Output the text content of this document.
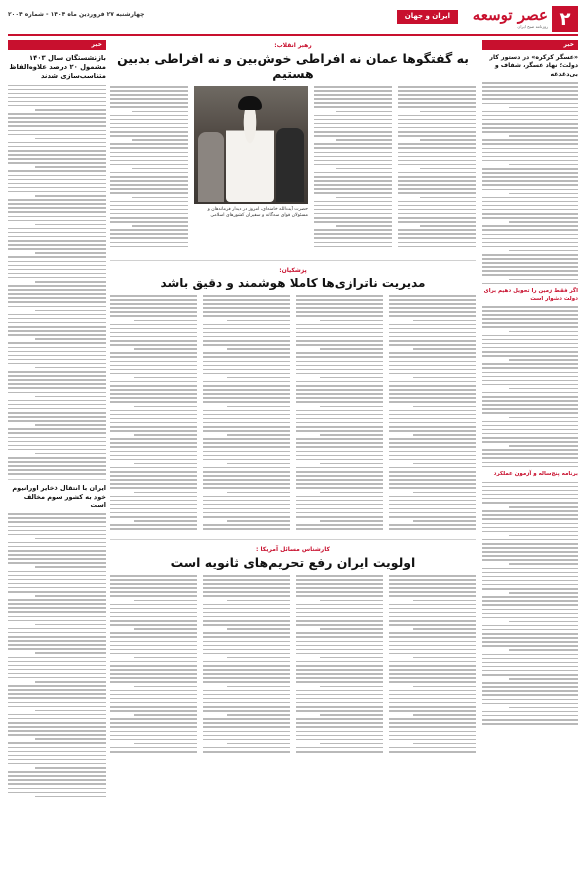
۲
عصر توسعه
روزنامه صبح ایران
ایران و جهان
چهارشنبه ۲۷ فروردین ماه ۱۴۰۴ - شماره ۲۰۰۴
خبر
«عسگر کرکره» در دستور کار دولت؛ نهاد عسگر، شفاف و بی‌دغدغه
اگر فقط زمین را تحویل دهیم برای دولت دشوار است
برنامه پنج‌ساله و آزمون عملکرد
رهبر انقلاب:
به گفتگوها عمان نه افراطی خوش‌بین و نه افراطی بدبین هستیم
حضرت آیت‌الله خامنه‌ای، امروز در دیدار فرماندهان و مسئولان قوای سه‌گانه و سفیران کشورهای اسلامی
پزشکیان:
مدیریت ناترازی‌ها کاملا هوشمند و دقیق باشد
کارشناس مسائل آمریکا :
اولویت ایران رفع تحریم‌های ثانویه است
خبر
بازنشستگان سال ۱۴۰۳ مشمول ۲۰ درصد علاوه‌الفاظ متناسب‌سازی شدند
ایران با انتقال ذخایر اورانیوم خود به کشور سوم مخالف است
